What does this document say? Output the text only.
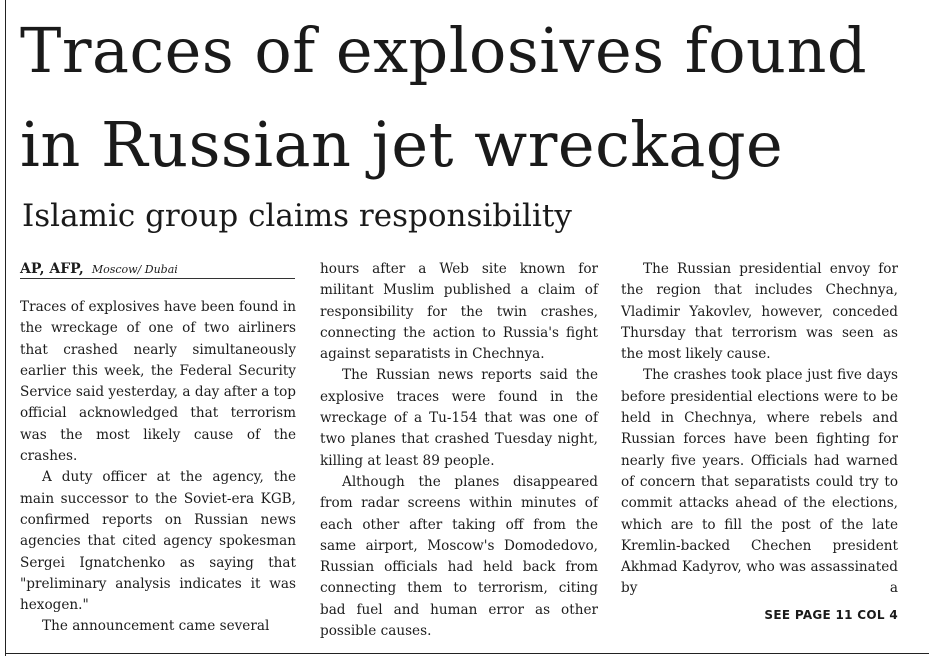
Traces of explosives found
in Russian jet wreckage
Islamic group claims responsibility
AP, AFP, Moscow/ Dubai

Traces of explosives have been found in the wreckage of one of two airliners that crashed nearly simultaneously earlier this week, the Federal Security Service said yesterday, a day after a top official acknowledged that terrorism was the most likely cause of the crashes.

A duty officer at the agency, the main successor to the Soviet-era KGB, confirmed reports on Russian news agencies that cited agency spokesman Sergei Ignatchenko as saying that "preliminary analysis indicates it was hexogen."

The announcement came several

hours after a Web site known for militant Muslim published a claim of responsibility for the twin crashes, connecting the action to Russia's fight against separatists in Chechnya.

The Russian news reports said the explosive traces were found in the wreckage of a Tu-154 that was one of two planes that crashed Tuesday night, killing at least 89 people.

Although the planes disappeared from radar screens within minutes of each other after taking off from the same airport, Moscow's Domodedovo, Russian officials had held back from connecting them to terrorism, citing bad fuel and human error as other possible causes.

The Russian presidential envoy for the region that includes Chechnya, Vladimir Yakovlev, however, conceded Thursday that terrorism was seen as the most likely cause.

The crashes took place just five days before presidential elections were to be held in Chechnya, where rebels and Russian forces have been fighting for nearly five years. Officials had warned of concern that separatists could try to commit attacks ahead of the elections, which are to fill the post of the late Kremlin-backed Chechen president Akhmad Kadyrov, who was assassinated by a

SEE PAGE 11 COL 4
